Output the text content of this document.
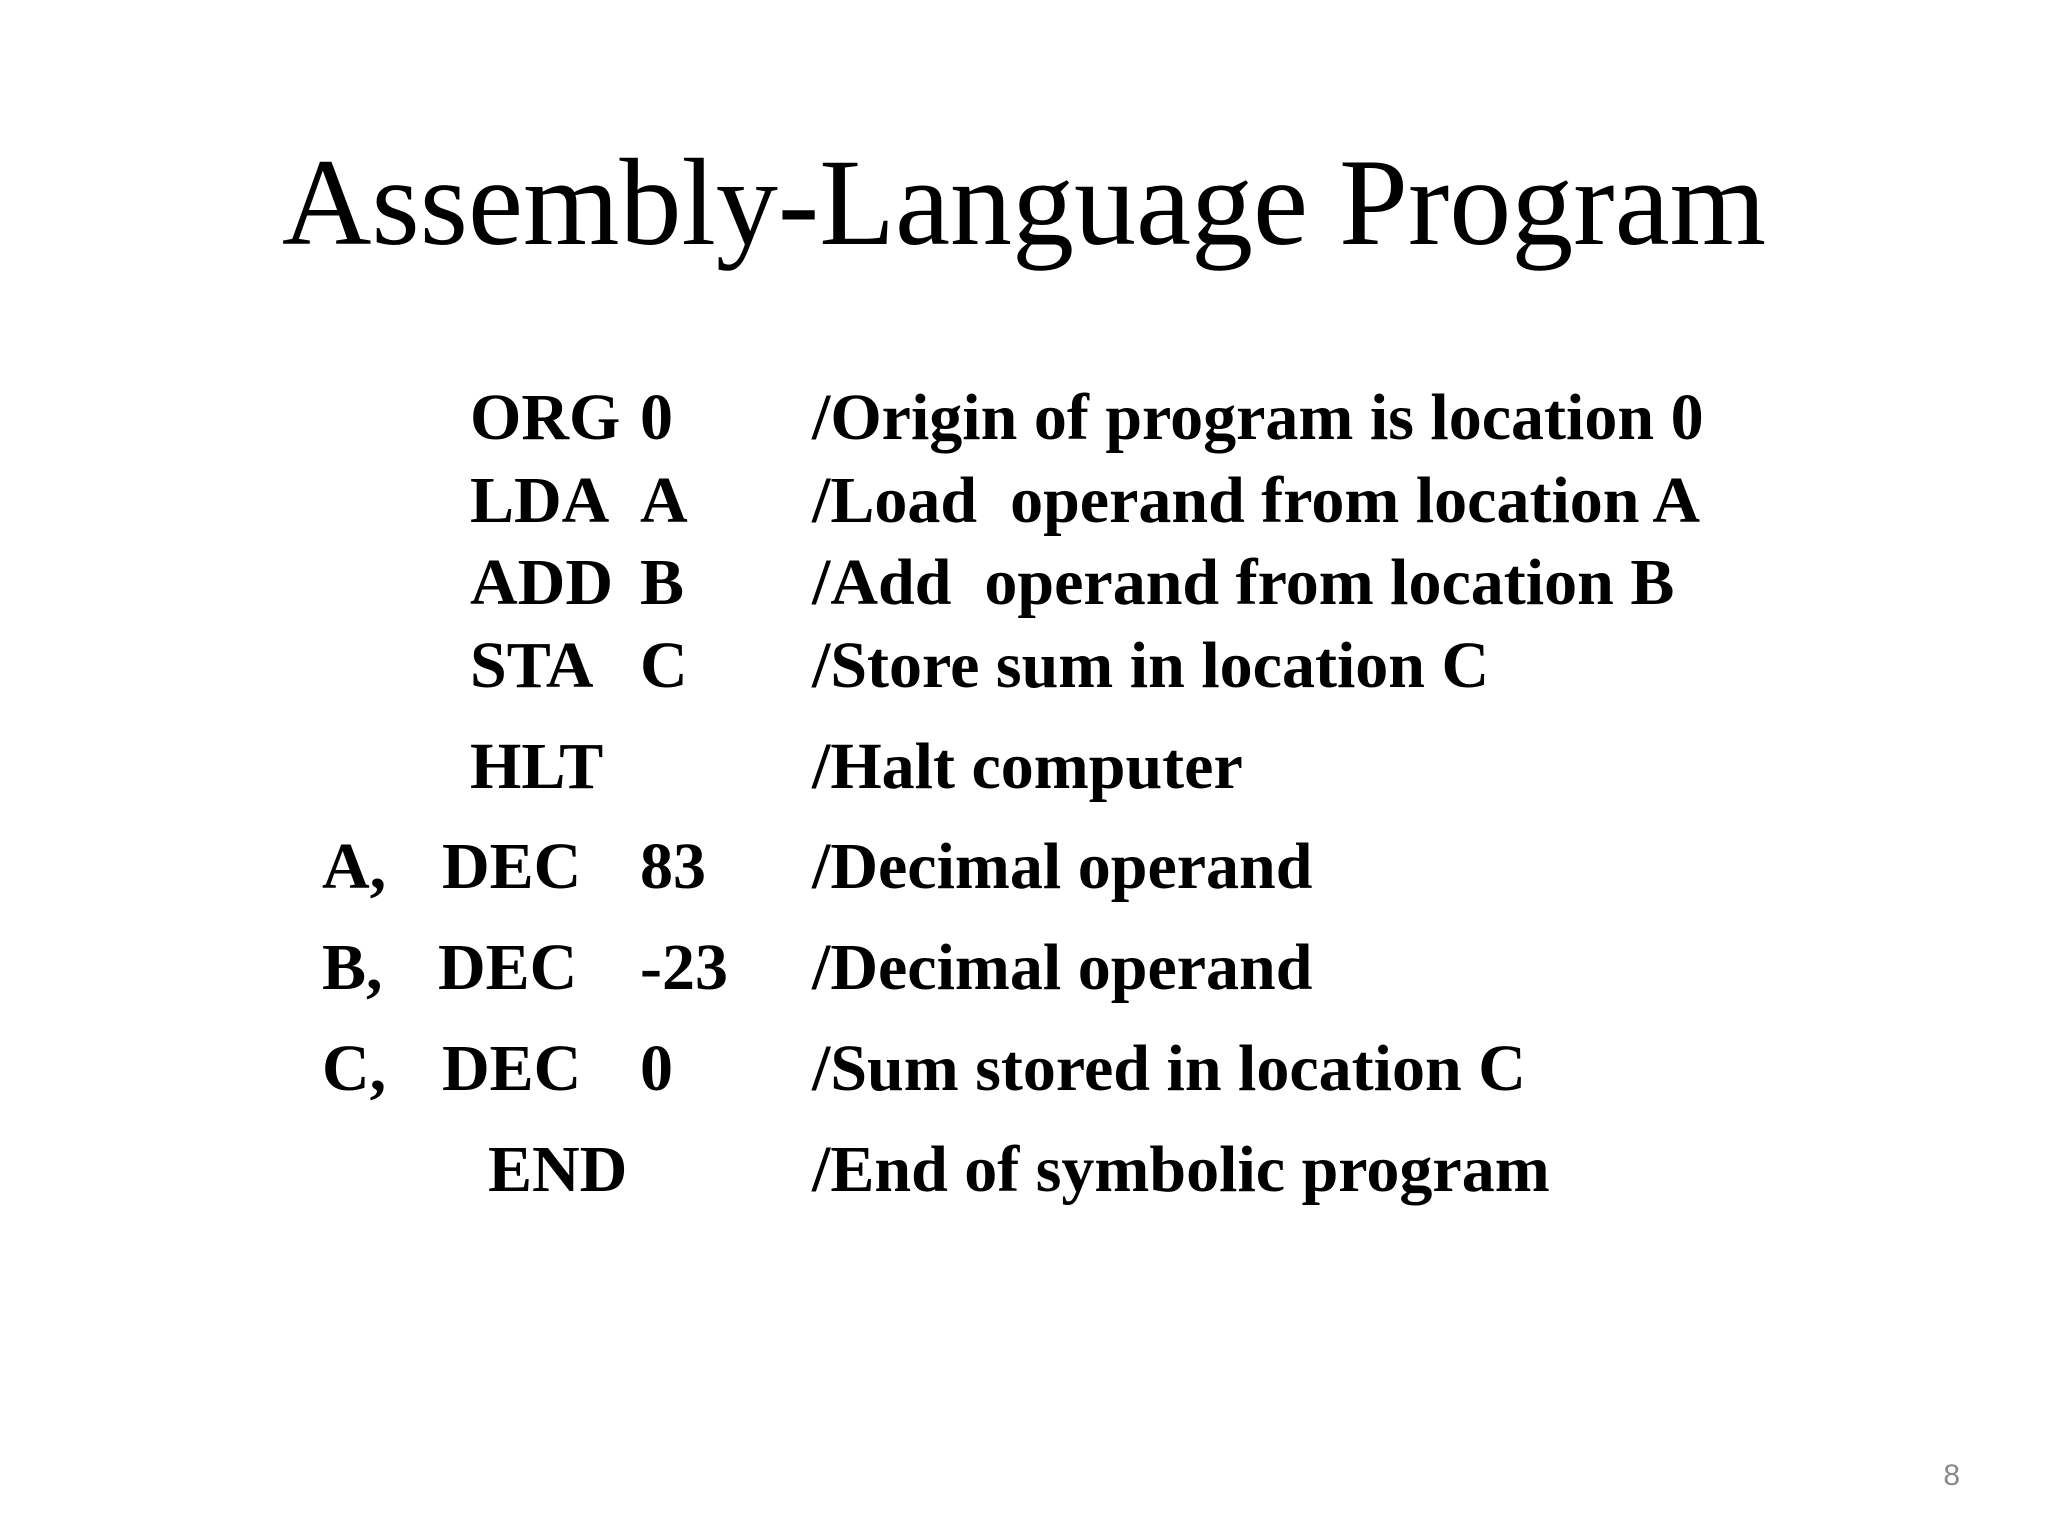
Assembly-Language Program

ORG

0

/Origin of program is location 0

LDA

A

/Load  operand from location A

ADD

B

/Add  operand from location B

STA

C

/Store sum in location C

HLT

	/Halt computer

A,

DEC

83

/Decimal operand

B,

DEC

-23

/Decimal operand

C,

DEC

0

/Sum stored in location C

END

	/End of symbolic program

8
